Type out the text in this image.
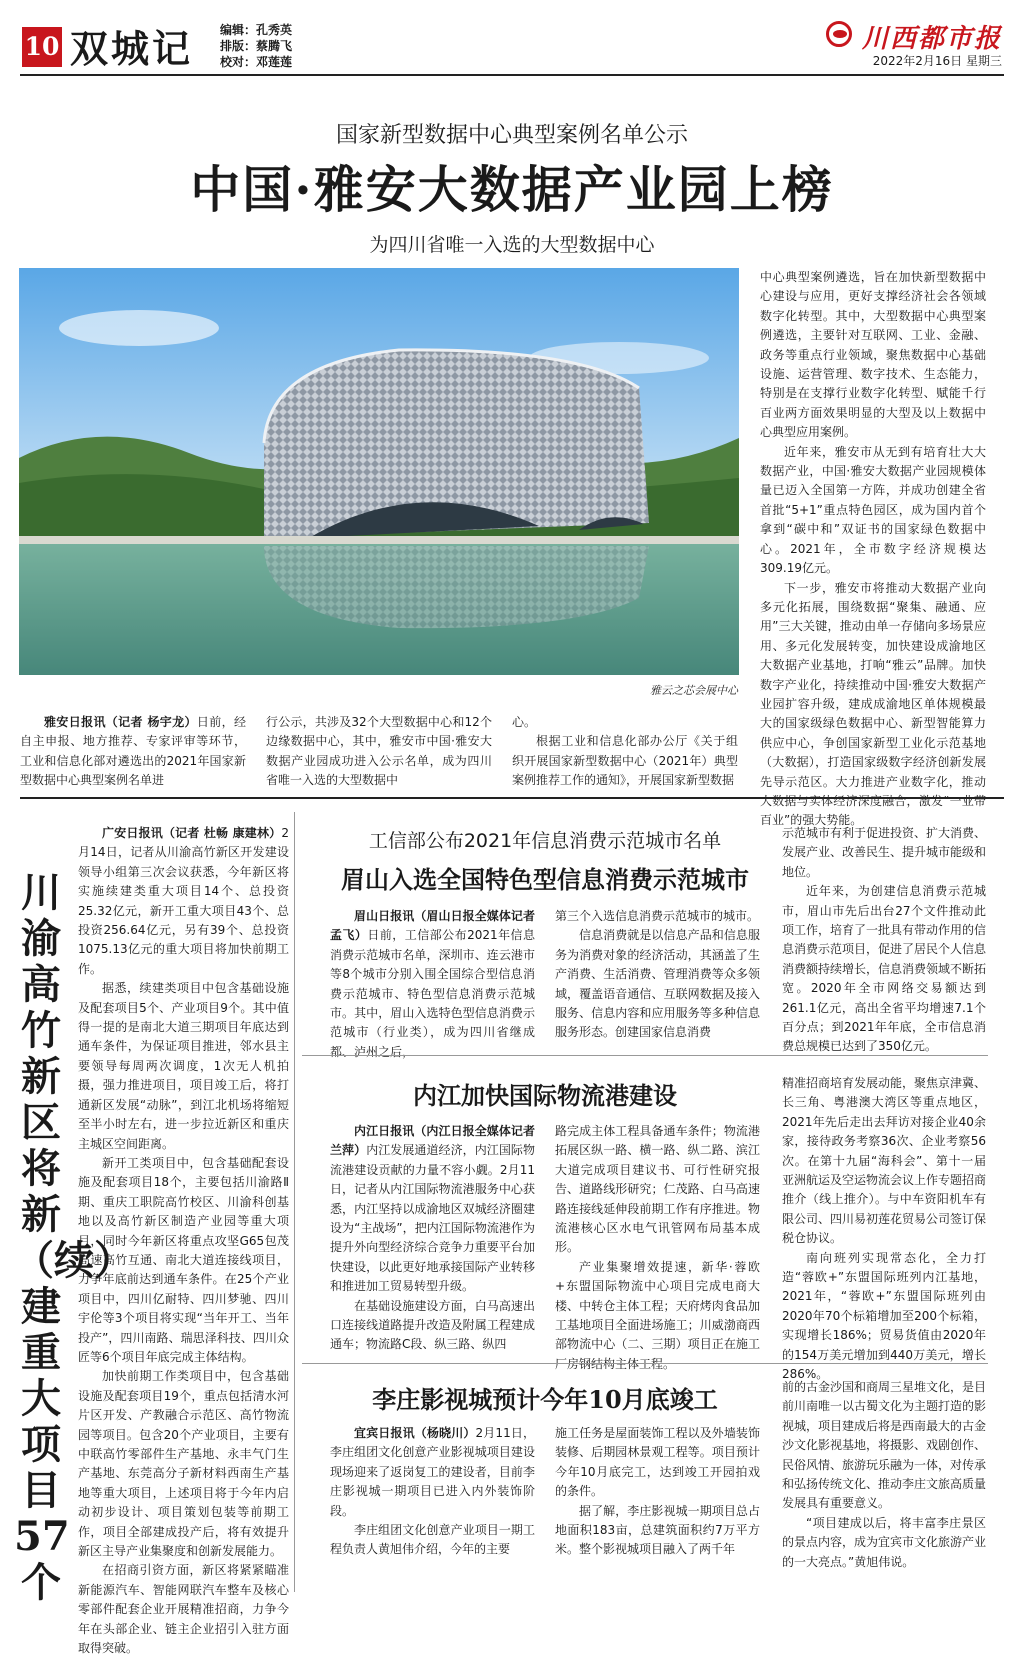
10 双城记 编辑：孔秀英
排版：蔡腾飞
校对：邓莲莲
川西都市报
2022年2月16日 星期三
国家新型数据中心典型案例名单公示
中国·雅安大数据产业园上榜
为四川省唯一入选的大型数据中心
雅云之芯会展中心

雅安日报讯（记者 杨宇龙）日前，经自主申报、地方推荐、专家评审等环节，工业和信息化部对遴选出的2021年国家新型数据中心典型案例名单进

行公示，共涉及32个大型数据中心和12个边缘数据中心，其中，雅安市中国·雅安大数据产业园成功进入公示名单，成为四川省唯一入选的大型数据中

心。

根据工业和信息化部办公厅《关于组织开展国家新型数据中心（2021年）典型案例推荐工作的通知》，开展国家新型数据

中心典型案例遴选，旨在加快新型数据中心建设与应用，更好支撑经济社会各领域数字化转型。其中，大型数据中心典型案例遴选，主要针对互联网、工业、金融、政务等重点行业领域，聚焦数据中心基础设施、运营管理、数字技术、生态能力，特别是在支撑行业数字化转型、赋能千行百业两方面效果明显的大型及以上数据中心典型应用案例。

近年来，雅安市从无到有培育壮大大数据产业，中国·雅安大数据产业园规模体量已迈入全国第一方阵，并成功创建全省首批“5+1”重点特色园区，成为国内首个拿到“碳中和”双证书的国家绿色数据中心。2021年，全市数字经济规模达309.19亿元。

下一步，雅安市将推动大数据产业向多元化拓展，围绕数据“聚集、融通、应用”三大关键，推动由单一存储向多场景应用、多元化发展转变，加快建设成渝地区大数据产业基地，打响“雅云”品牌。加快数字产业化，持续推动中国·雅安大数据产业园扩容升级，建成成渝地区单体规模最大的国家级绿色数据中心、新型智能算力供应中心，争创国家新型工业化示范基地（大数据），打造国家级数字经济创新发展先导示范区。大力推进产业数字化，推动大数据与实体经济深度融合，激发“一业带百业”的强大势能。

川渝高竹新区将新（续）建重大项目57个

广安日报讯（记者 杜畅 康建林）2月14日，记者从川渝高竹新区开发建设领导小组第三次会议获悉，今年新区将实施续建类重大项目14个、总投资25.32亿元，新开工重大项目43个、总投资256.64亿元，另有39个、总投资1075.13亿元的重大项目将加快前期工作。

据悉，续建类项目中包含基础设施及配套项目5个、产业项目9个。其中值得一提的是南北大道三期项目年底达到通车条件，为保证项目推进，邻水县主要领导每周两次调度，1次无人机拍摄，强力推进项目，项目竣工后，将打通新区发展“动脉”，到江北机场将缩短至半小时左右，进一步拉近新区和重庆主城区空间距离。

新开工类项目中，包含基础配套设施及配套项目18个，主要包括川渝路Ⅱ期、重庆工职院高竹校区、川渝科创基地以及高竹新区制造产业园等重大项目，同时今年新区将重点攻坚G65包茂高速高竹互通、南北大道连接线项目，力争年底前达到通车条件。在25个产业项目中，四川亿耐特、四川梦驰、四川宇伦等3个项目将实现“当年开工、当年投产”，四川南路、瑞思泽科技、四川众匠等6个项目年底完成主体结构。

加快前期工作类项目中，包含基础设施及配套项目19个，重点包括清水河片区开发、产教融合示范区、高竹物流园等项目。包含20个产业项目，主要有中联高竹零部件生产基地、永丰气门生产基地、东莞高分子新材料西南生产基地等重大项目，上述项目将于今年内启动初步设计、项目策划包装等前期工作，项目全部建成投产后，将有效提升新区主导产业集聚度和创新发展能力。

在招商引资方面，新区将紧紧瞄准新能源汽车、智能网联汽车整车及核心零部件配套企业开展精准招商，力争今年在头部企业、链主企业招引入驻方面取得突破。

工信部公布2021年信息消费示范城市名单
眉山入选全国特色型信息消费示范城市

眉山日报讯（眉山日报全媒体记者 孟飞）日前，工信部公布2021年信息消费示范城市名单，深圳市、连云港市等8个城市分别入围全国综合型信息消费示范城市、特色型信息消费示范城市。其中，眉山入选特色型信息消费示范城市（行业类），成为四川省继成都、泸州之后，

第三个入选信息消费示范城市的城市。

信息消费就是以信息产品和信息服务为消费对象的经济活动，其涵盖了生产消费、生活消费、管理消费等众多领域，覆盖语音通信、互联网数据及接入服务、信息内容和应用服务等多种信息服务形态。创建国家信息消费

示范城市有利于促进投资、扩大消费、发展产业、改善民生、提升城市能级和地位。

近年来，为创建信息消费示范城市，眉山市先后出台27个文件推动此项工作，培育了一批具有带动作用的信息消费示范项目，促进了居民个人信息消费额持续增长，信息消费领域不断拓宽。2020年全市网络交易额达到261.1亿元，高出全省平均增速7.1个百分点；到2021年年底，全市信息消费总规模已达到了350亿元。

内江加快国际物流港建设

内江日报讯（内江日报全媒体记者 兰萍）内江发展通道经济，内江国际物流港建设贡献的力量不容小觑。2月11日，记者从内江国际物流港服务中心获悉，内江坚持以成渝地区双城经济圈建设为“主战场”，把内江国际物流港作为提升外向型经济综合竞争力重要平台加快建设，以此更好地承接国际产业转移和推进加工贸易转型升级。

在基础设施建设方面，白马高速出口连接线道路提升改造及附属工程建成通车；物流路C段、纵三路、纵四

路完成主体工程具备通车条件；物流港拓展区纵一路、横一路、纵二路、滨江大道完成项目建议书、可行性研究报告、道路线形研究；仁茂路、白马高速路连接线延伸段前期工作有序推进。物流港核心区水电气讯管网布局基本成形。

产业集聚增效提速，新华·蓉欧+东盟国际物流中心项目完成电商大楼、中转仓主体工程；天府烤肉食品加工基地项目全面进场施工；川威渤商西部物流中心（二、三期）项目正在施工厂房钢结构主体工程。

精准招商培育发展动能，聚焦京津冀、长三角、粤港澳大湾区等重点地区，2021年先后走出去拜访对接企业40余家，接待政务考察36次、企业考察56次。在第十九届“海科会”、第十一届亚洲航运及空运物流会议上作专题招商推介（线上推介）。与中车资阳机车有限公司、四川易初莲花贸易公司签订保税仓协议。

南向班列实现常态化，全力打造“蓉欧+”东盟国际班列内江基地，2021年，“蓉欧+”东盟国际班列由2020年70个标箱增加至200个标箱，实现增长186%；贸易货值由2020年的154万美元增加到440万美元，增长286%。

李庄影视城预计今年10月底竣工

宜宾日报讯（杨晓川）2月11日，李庄组团文化创意产业影视城项目建设现场迎来了返岗复工的建设者，目前李庄影视城一期项目已进入内外装饰阶段。

李庄组团文化创意产业项目一期工程负责人黄旭伟介绍，今年的主要

施工任务是屋面装饰工程以及外墙装饰装修、后期园林景观工程等。项目预计今年10月底完工，达到竣工开园拍戏的条件。

据了解，李庄影视城一期项目总占地面积183亩，总建筑面积约7万平方米。整个影视城项目融入了两千年

前的古金沙国和商周三星堆文化，是目前川南唯一以古蜀文化为主题打造的影视城，项目建成后将是西南最大的古金沙文化影视基地，将摄影、戏剧创作、民俗风情、旅游玩乐融为一体，对传承和弘扬传统文化、推动李庄文旅高质量发展具有重要意义。

“项目建成以后，将丰富李庄景区的景点内容，成为宜宾市文化旅游产业的一大亮点。”黄旭伟说。
